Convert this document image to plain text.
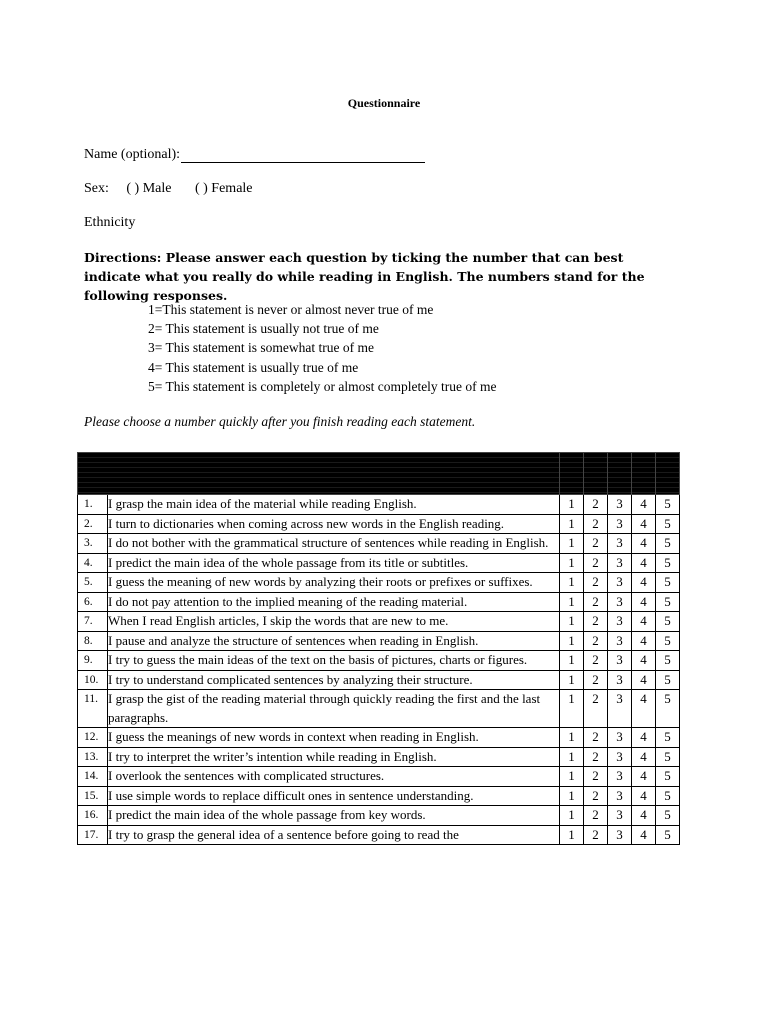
Questionnaire
Name (optional):
Sex: ( ) Male ( ) Female
Ethnicity
Directions: Please answer each question by ticking the number that can best indicate what you really do while reading in English. The numbers stand for the following responses.
1=This statement is never or almost never true of me
2= This statement is usually not true of me
3= This statement is somewhat true of me
4= This statement is usually true of me
5= This statement is completely or almost completely true of me
Please choose a number quickly after you finish reading each statement.

1.	I grasp the main idea of the material while reading English.	1	2	3	4	5
2.	I turn to dictionaries when coming across new words in the English reading.	1	2	3	4	5
3.	I do not bother with the grammatical structure of sentences while reading in English.	1	2	3	4	5
4.	I predict the main idea of the whole passage from its title or subtitles.	1	2	3	4	5
5.	I guess the meaning of new words by analyzing their roots or prefixes or suffixes.	1	2	3	4	5
6.	I do not pay attention to the implied meaning of the reading material.	1	2	3	4	5
7.	When I read English articles, I skip the words that are new to me.	1	2	3	4	5
8.	I pause and analyze the structure of sentences when reading in English.	1	2	3	4	5
9.	I try to guess the main ideas of the text on the basis of pictures, charts or figures.	1	2	3	4	5
10.	I try to understand complicated sentences by analyzing their structure.	1	2	3	4	5
11.	I grasp the gist of the reading material through quickly reading the first and the last paragraphs.	1	2	3	4	5
12.	I guess the meanings of new words in context when reading in English.	1	2	3	4	5
13.	I try to interpret the writer’s intention while reading in English.	1	2	3	4	5
14.	I overlook the sentences with complicated structures.	1	2	3	4	5
15.	I use simple words to replace difficult ones in sentence understanding.	1	2	3	4	5
16.	I predict the main idea of the whole passage from key words.	1	2	3	4	5
17.	I try to grasp the general idea of a sentence before going to read the	1	2	3	4	5
